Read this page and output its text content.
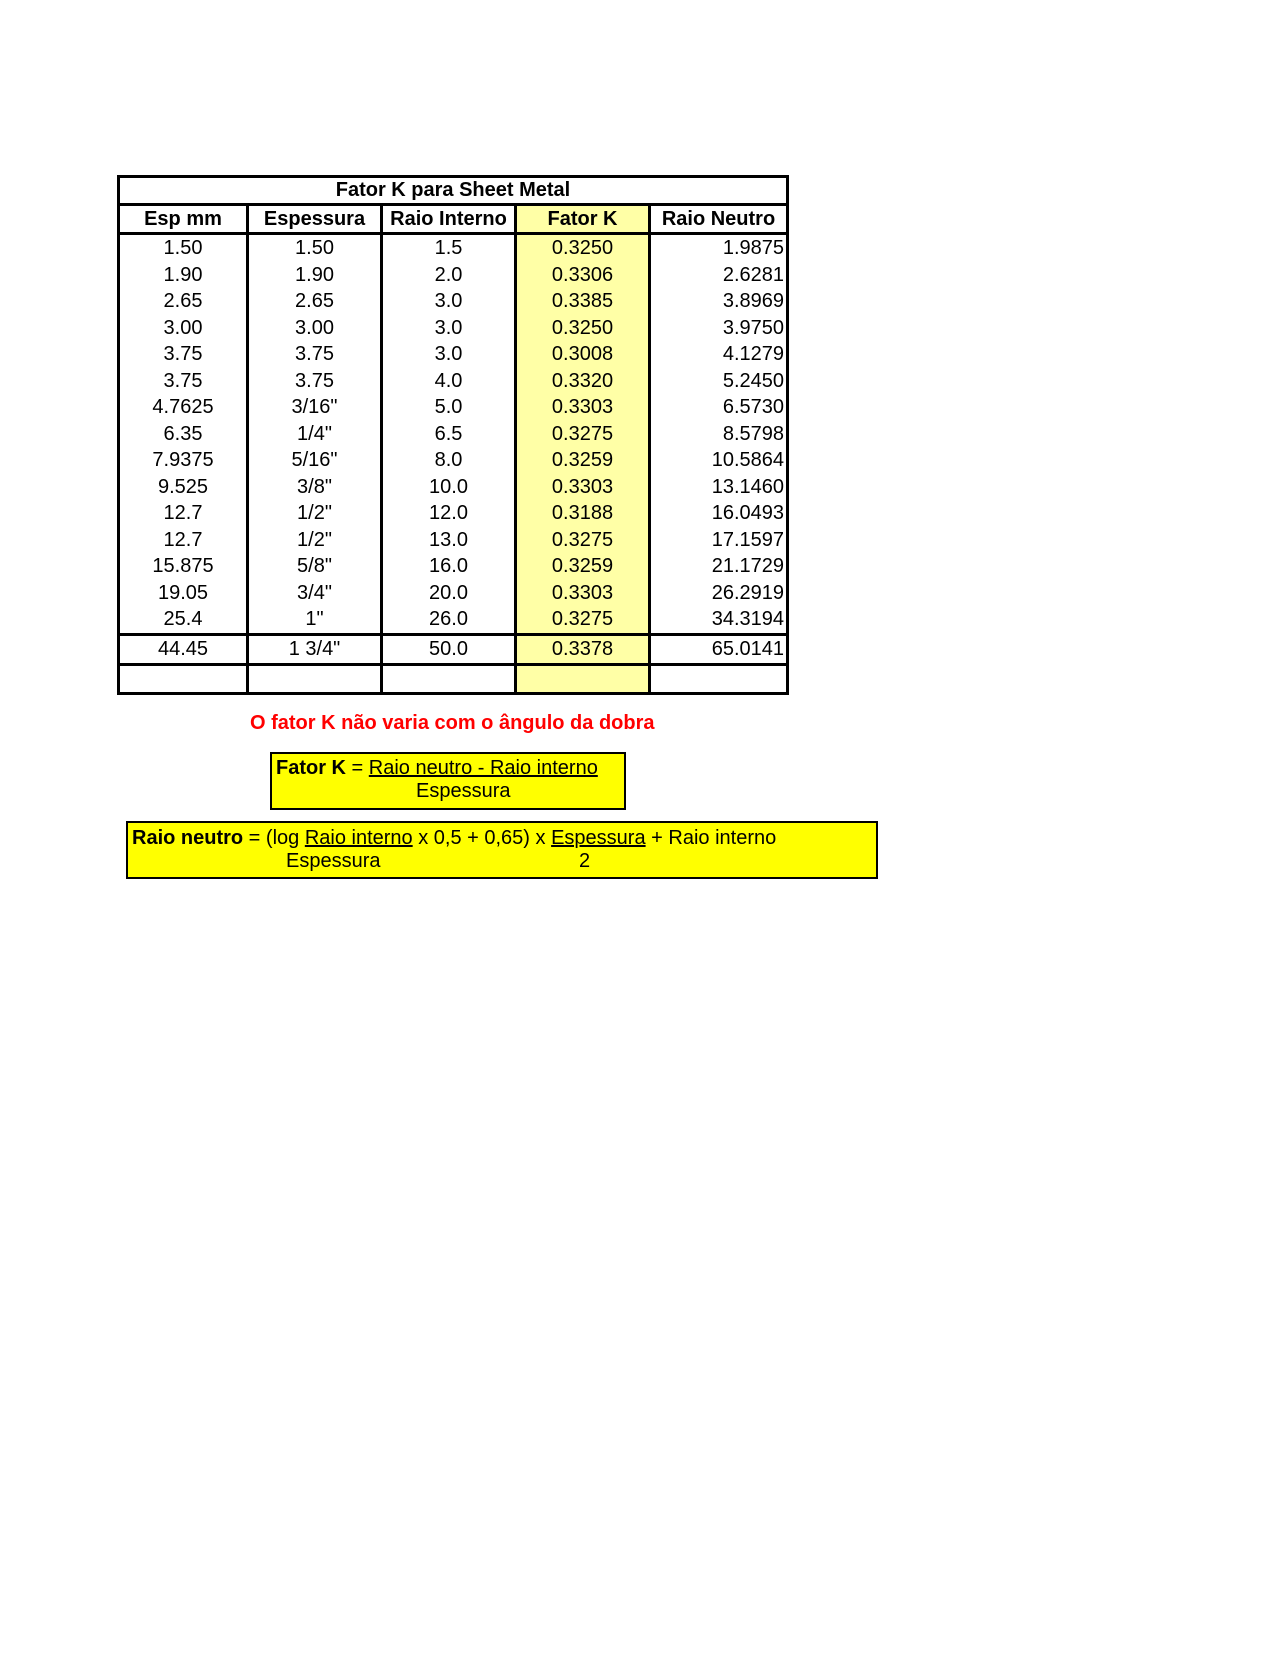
Fator K para Sheet Metal				
Esp mm	Espessura	Raio Interno	Fator K	Raio Neutro
1.50	1.50	1.5	0.3250	1.9875
1.90	1.90	2.0	0.3306	2.6281
2.65	2.65	3.0	0.3385	3.8969
3.00	3.00	3.0	0.3250	3.9750
3.75	3.75	3.0	0.3008	4.1279
3.75	3.75	4.0	0.3320	5.2450
4.7625	3/16"	5.0	0.3303	6.5730
6.35	1/4"	6.5	0.3275	8.5798
7.9375	5/16"	8.0	0.3259	10.5864
9.525	3/8"	10.0	0.3303	13.1460
12.7	1/2"	12.0	0.3188	16.0493
12.7	1/2"	13.0	0.3275	17.1597
15.875	5/8"	16.0	0.3259	21.1729
19.05	3/4"	20.0	0.3303	26.2919
25.4	1"	26.0	0.3275	34.3194
44.45	1 3/4"	50.0	0.3378	65.0141

O fator K não varia com o ângulo da dobra
Fator K = Raio neutro - Raio interno
Espessura
Raio neutro = (log Raio interno x 0,5 + 0,65) x Espessura + Raio interno
Espessura	2
